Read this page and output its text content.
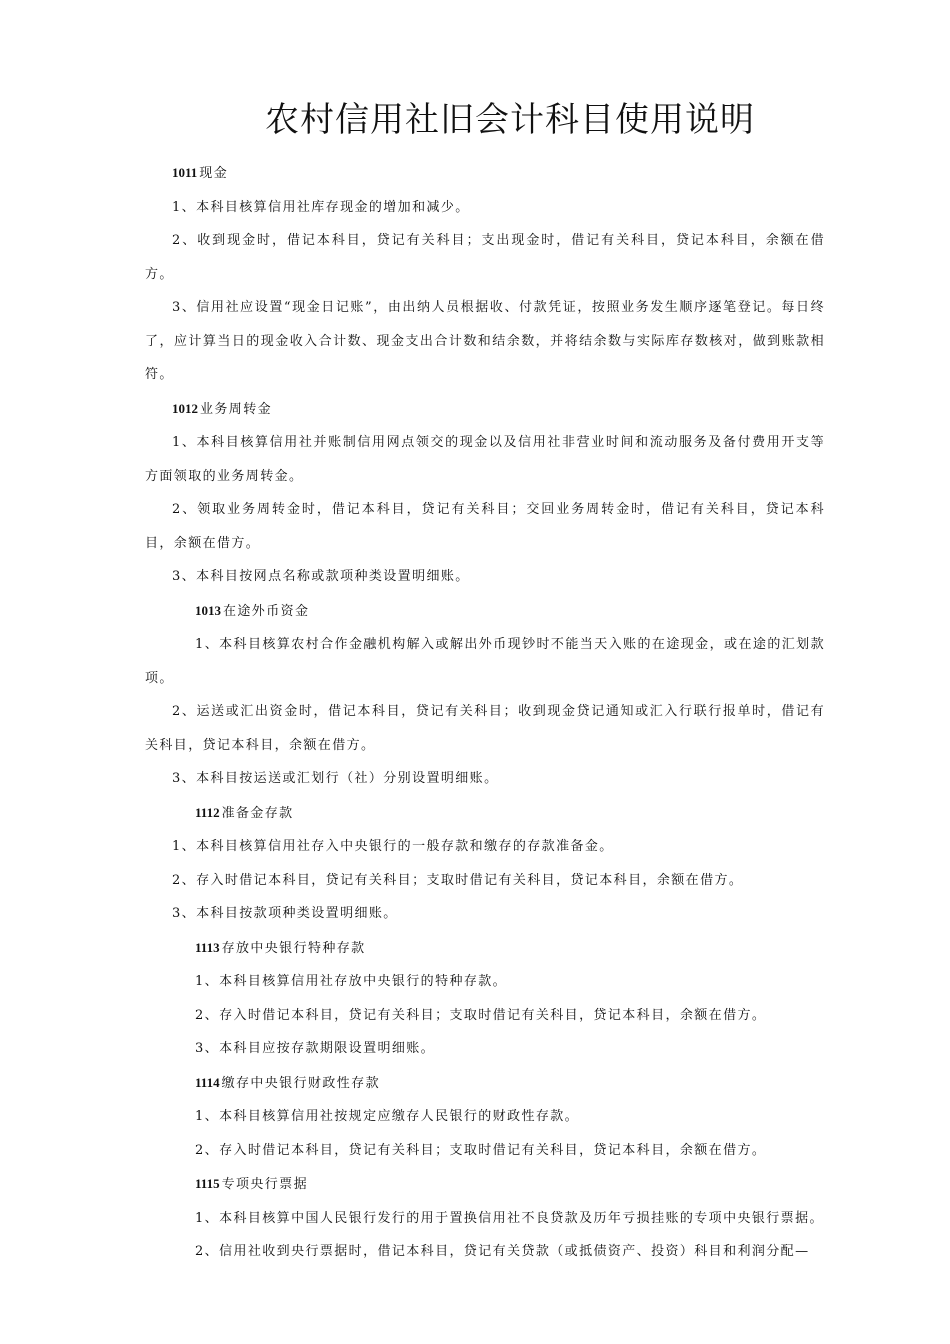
农村信用社旧会计科目使用说明

1011 现金

1、本科目核算信用社库存现金的增加和减少。

2、收到现金时，借记本科目，贷记有关科目；支出现金时，借记有关科目，贷记本科目，余额在借方。

3、信用社应设置“现金日记账”，由出纳人员根据收、付款凭证，按照业务发生顺序逐笔登记。每日终了，应计算当日的现金收入合计数、现金支出合计数和结余数，并将结余数与实际库存数核对，做到账款相符。

1012 业务周转金

1、本科目核算信用社并账制信用网点领交的现金以及信用社非营业时间和流动服务及备付费用开支等方面领取的业务周转金。

2、领取业务周转金时，借记本科目，贷记有关科目；交回业务周转金时，借记有关科目，贷记本科目，余额在借方。

3、本科目按网点名称或款项种类设置明细账。

1013 在途外币资金

1、本科目核算农村合作金融机构解入或解出外币现钞时不能当天入账的在途现金，或在途的汇划款项。

2、运送或汇出资金时，借记本科目，贷记有关科目；收到现金贷记通知或汇入行联行报单时，借记有关科目，贷记本科目，余额在借方。

3、本科目按运送或汇划行（社）分别设置明细账。

1112 准备金存款

1、本科目核算信用社存入中央银行的一般存款和缴存的存款准备金。

2、存入时借记本科目，贷记有关科目；支取时借记有关科目，贷记本科目，余额在借方。

3、本科目按款项种类设置明细账。

1113 存放中央银行特种存款

1、本科目核算信用社存放中央银行的特种存款。

2、存入时借记本科目，贷记有关科目；支取时借记有关科目，贷记本科目，余额在借方。

3、本科目应按存款期限设置明细账。

1114 缴存中央银行财政性存款

1、本科目核算信用社按规定应缴存人民银行的财政性存款。

2、存入时借记本科目，贷记有关科目；支取时借记有关科目，贷记本科目，余额在借方。

1115 专项央行票据

1、本科目核算中国人民银行发行的用于置换信用社不良贷款及历年亏损挂账的专项中央银行票据。

2、信用社收到央行票据时，借记本科目，贷记有关贷款（或抵债资产、投资）科目和利润分配—
